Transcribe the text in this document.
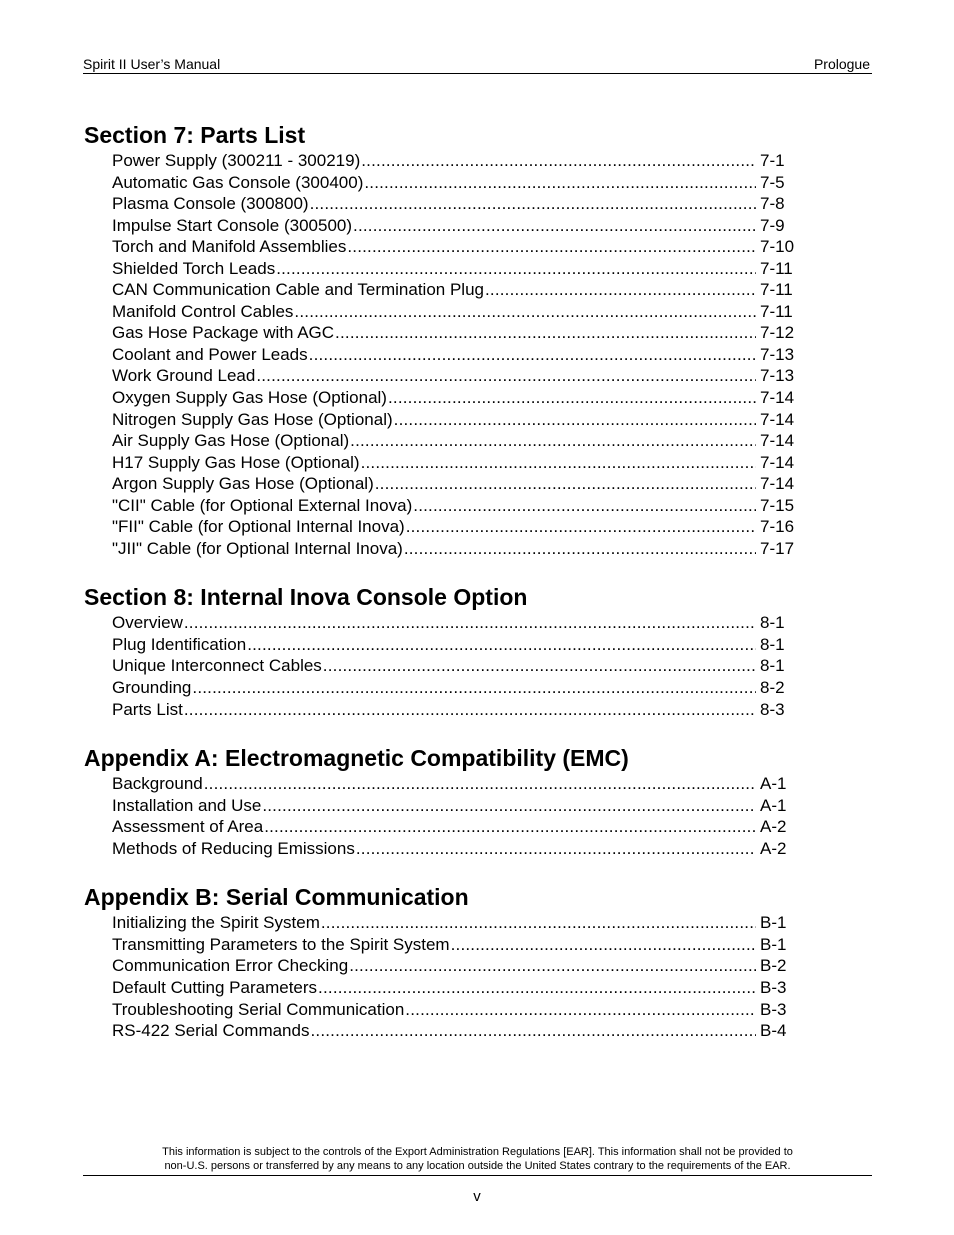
Spirit II User’s Manual	Prologue
Section 7: Parts List
Power Supply (300211 - 300219) .....	7-1
Automatic Gas Console (300400) .....	7-5
Plasma Console (300800) .....	7-8
Impulse Start Console (300500) .....	7-9
Torch and Manifold Assemblies .....	7-10
Shielded Torch Leads .....	7-11
CAN Communication Cable and Termination Plug .....	7-11
Manifold Control Cables .....	7-11
Gas Hose Package with AGC .....	7-12
Coolant and Power Leads .....	7-13
Work Ground Lead .....	7-13
Oxygen Supply Gas Hose (Optional) .....	7-14
Nitrogen Supply Gas Hose (Optional) .....	7-14
Air Supply Gas Hose (Optional) .....	7-14
H17 Supply Gas Hose (Optional) .....	7-14
Argon Supply Gas Hose (Optional) .....	7-14
"CII" Cable (for Optional External Inova) .....	7-15
"FII" Cable (for Optional Internal Inova) .....	7-16
"JII" Cable (for Optional Internal Inova) .....	7-17
Section 8: Internal Inova Console Option
Overview .....	8-1
Plug Identification .....	8-1
Unique Interconnect Cables .....	8-1
Grounding .....	8-2
Parts List .....	8-3
Appendix A: Electromagnetic Compatibility (EMC)
Background .....	A-1
Installation and Use .....	A-1
Assessment of Area .....	A-2
Methods of Reducing Emissions .....	A-2
Appendix B: Serial Communication
Initializing the Spirit System .....	B-1
Transmitting Parameters to the Spirit System .....	B-1
Communication Error Checking .....	B-2
Default Cutting Parameters .....	B-3
Troubleshooting Serial Communication .....	B-3
RS-422 Serial Commands .....	B-4
This information is subject to the controls of the Export Administration Regulations [EAR]. This information shall not be provided to
non-U.S. persons or transferred by any means to any location outside the United States contrary to the requirements of the EAR.
v
